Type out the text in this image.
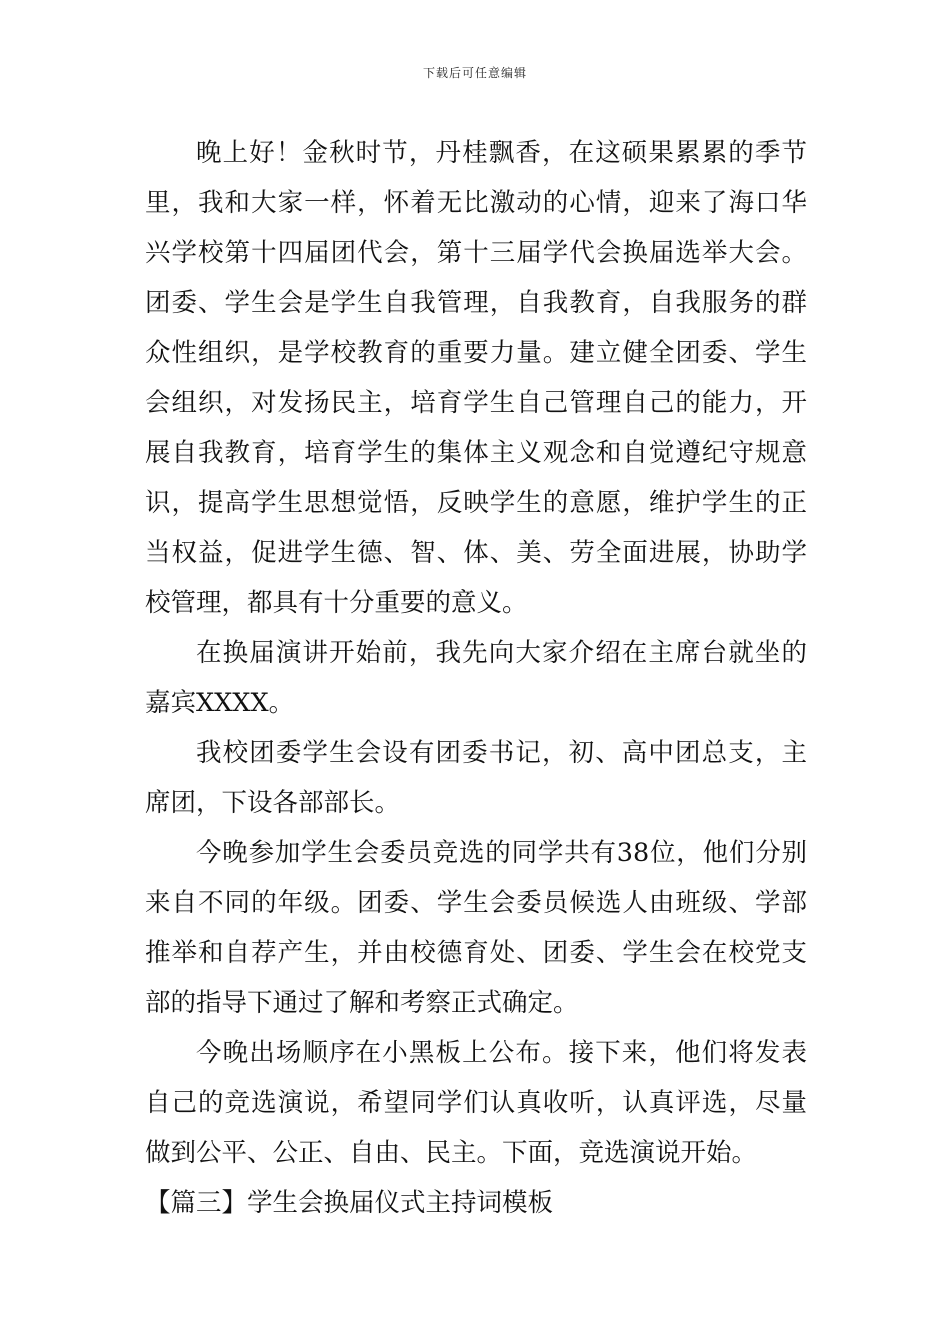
下载后可任意编辑

晚上好！金秋时节，丹桂飘香，在这硕果累累的季节里，我和大家一样，怀着无比激动的心情，迎来了海口华兴学校第十四届团代会，第十三届学代会换届选举大会。团委、学生会是学生自我管理，自我教育，自我服务的群众性组织，是学校教育的重要力量。建立健全团委、学生会组织，对发扬民主，培育学生自己管理自己的能力，开展自我教育，培育学生的集体主义观念和自觉遵纪守规意识，提高学生思想觉悟，反映学生的意愿，维护学生的正当权益，促进学生德、智、体、美、劳全面进展，协助学校管理，都具有十分重要的意义。

在换届演讲开始前，我先向大家介绍在主席台就坐的嘉宾XXXX。

我校团委学生会设有团委书记，初、高中团总支，主席团，下设各部部长。

今晚参加学生会委员竞选的同学共有38位，他们分别来自不同的年级。团委、学生会委员候选人由班级、学部推举和自荐产生，并由校德育处、团委、学生会在校党支部的指导下通过了解和考察正式确定。

今晚出场顺序在小黑板上公布。接下来，他们将发表自己的竞选演说，希望同学们认真收听，认真评选，尽量做到公平、公正、自由、民主。下面，竞选演说开始。

【篇三】学生会换届仪式主持词模板
